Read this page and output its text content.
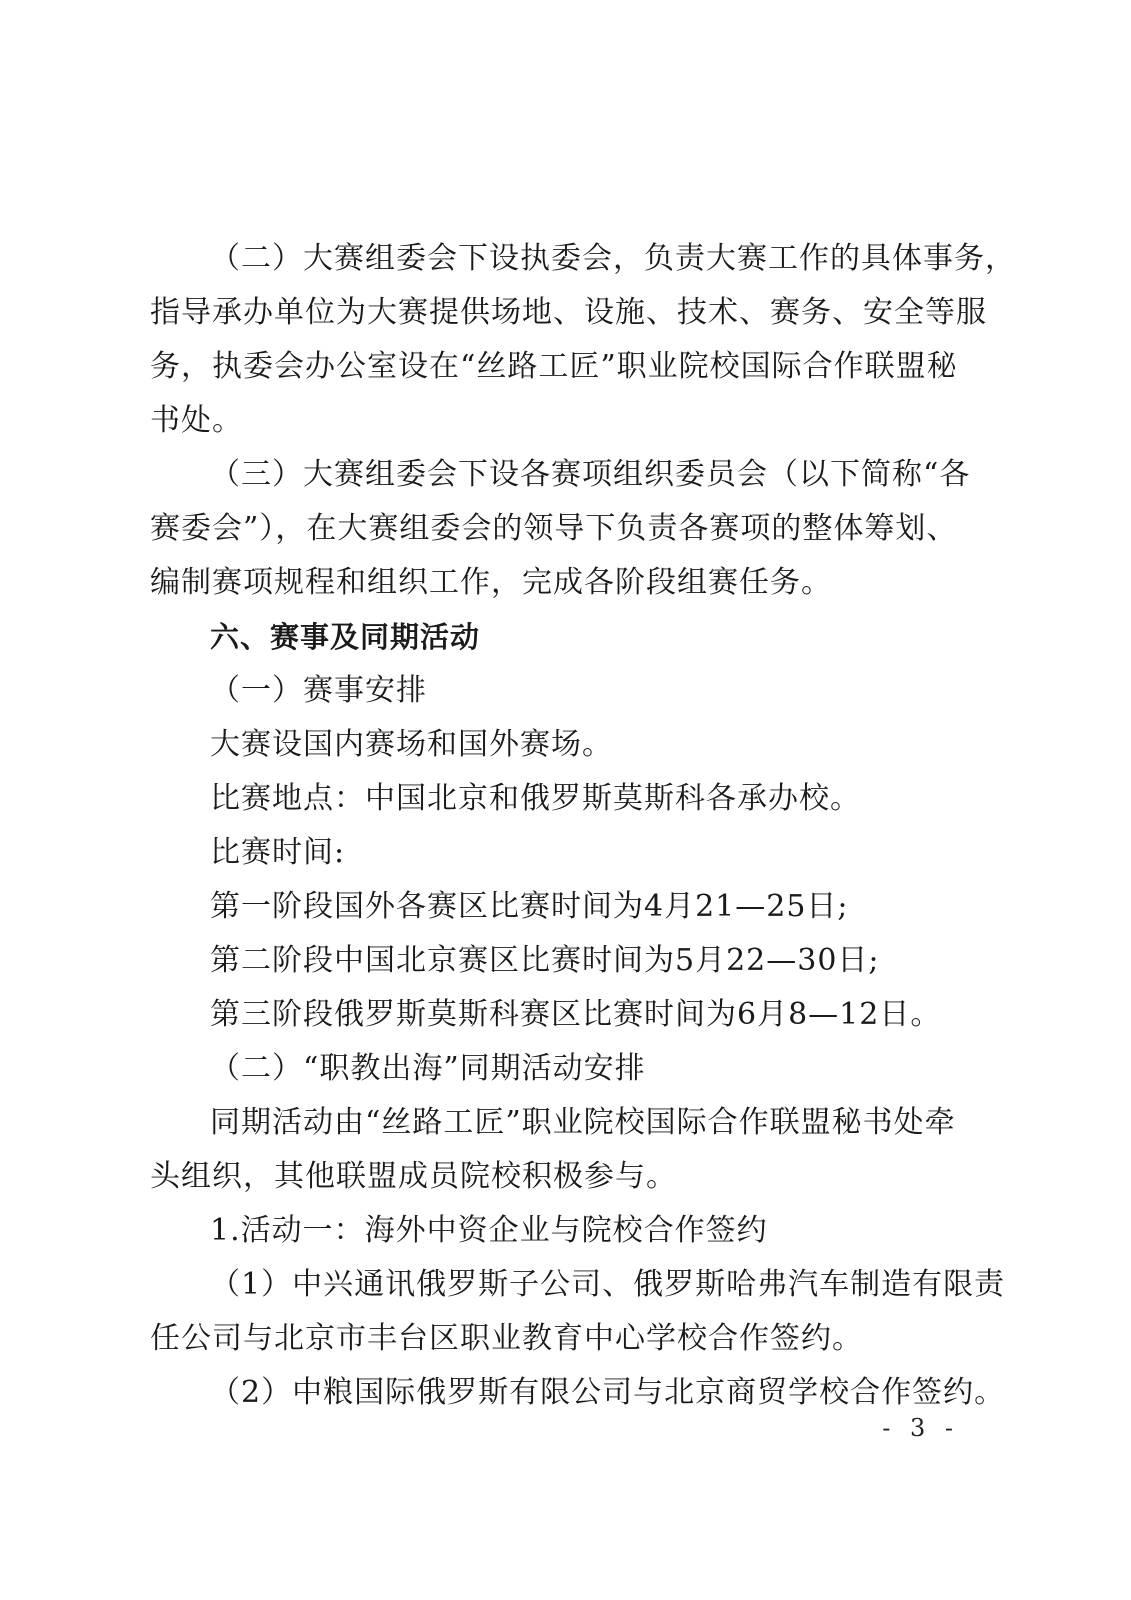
（二）大赛组委会下设执委会，负责大赛工作的具体事务，

指导承办单位为大赛提供场地、设施、技术、赛务、安全等服

务，执委会办公室设在“丝路工匠”职业院校国际合作联盟秘

书处。

（三）大赛组委会下设各赛项组织委员会（以下简称“各

赛委会”），在大赛组委会的领导下负责各赛项的整体筹划、

编制赛项规程和组织工作，完成各阶段组赛任务。

六、赛事及同期活动

（一）赛事安排

大赛设国内赛场和国外赛场。

比赛地点：中国北京和俄罗斯莫斯科各承办校。

比赛时间:

第一阶段国外各赛区比赛时间为4月21—25日;

第二阶段中国北京赛区比赛时间为5月22—30日;

第三阶段俄罗斯莫斯科赛区比赛时间为6月8—12日。

（二）“职教出海”同期活动安排

同期活动由“丝路工匠”职业院校国际合作联盟秘书处牵

头组织，其他联盟成员院校积极参与。

1.活动一：海外中资企业与院校合作签约

（1）中兴通讯俄罗斯子公司、俄罗斯哈弗汽车制造有限责

任公司与北京市丰台区职业教育中心学校合作签约。

（2）中粮国际俄罗斯有限公司与北京商贸学校合作签约。

- 3 -
